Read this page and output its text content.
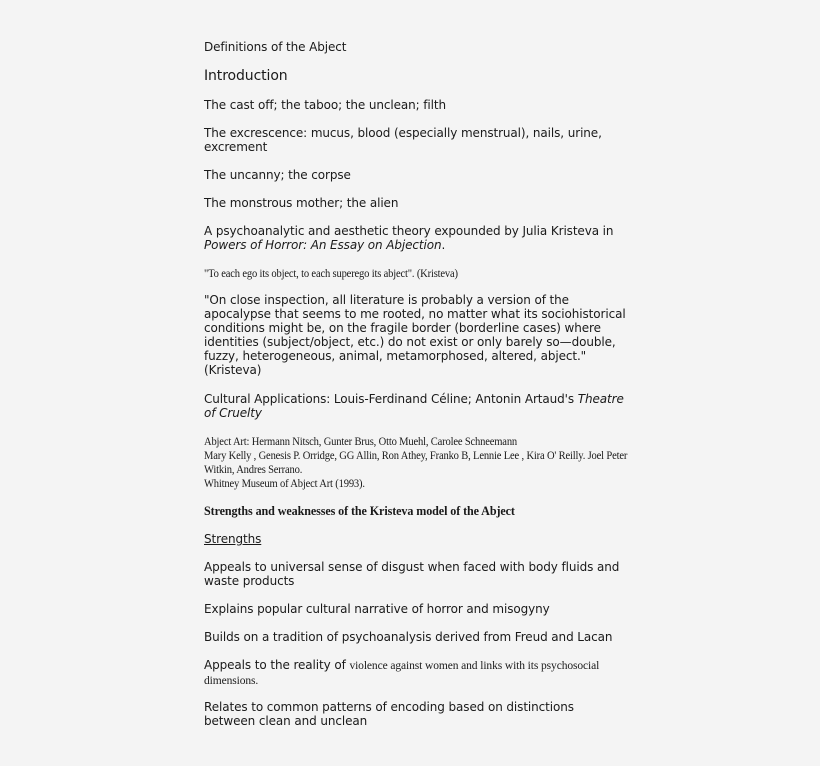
Definitions of the Abject
Introduction
The cast off; the taboo; the unclean; filth
The excrescence: mucus, blood (especially menstrual), nails, urine, excrement
The uncanny; the corpse
The monstrous mother; the alien
A psychoanalytic and aesthetic theory expounded by Julia Kristeva in Powers of Horror: An Essay on Abjection.
"To each ego its object, to each superego its abject". (Kristeva)
"On close inspection, all literature is probably a version of the apocalypse that seems to me rooted, no matter what its sociohistorical conditions might be, on the fragile border (borderline cases) where identities (subject/object, etc.) do not exist or only barely so—double, fuzzy, heterogeneous, animal, metamorphosed, altered, abject." (Kristeva)
Cultural Applications: Louis-Ferdinand Céline; Antonin Artaud's Theatre of Cruelty
Abject Art: Hermann Nitsch, Gunter Brus, Otto Muehl, Carolee Schneemann
Mary Kelly , Genesis P. Orridge, GG Allin, Ron Athey, Franko B, Lennie Lee , Kira O' Reilly. Joel Peter Witkin, Andres Serrano.
Whitney Museum of Abject Art (1993).
Strengths and weaknesses of the Kristeva model of the Abject
Strengths
Appeals to universal sense of disgust when faced with body fluids and waste products
Explains popular cultural narrative of horror and misogyny
Builds on a tradition of psychoanalysis derived from Freud and Lacan
Appeals to the reality of violence against women and links with its psychosocial dimensions.
Relates to common patterns of encoding based on distinctions between clean and unclean
